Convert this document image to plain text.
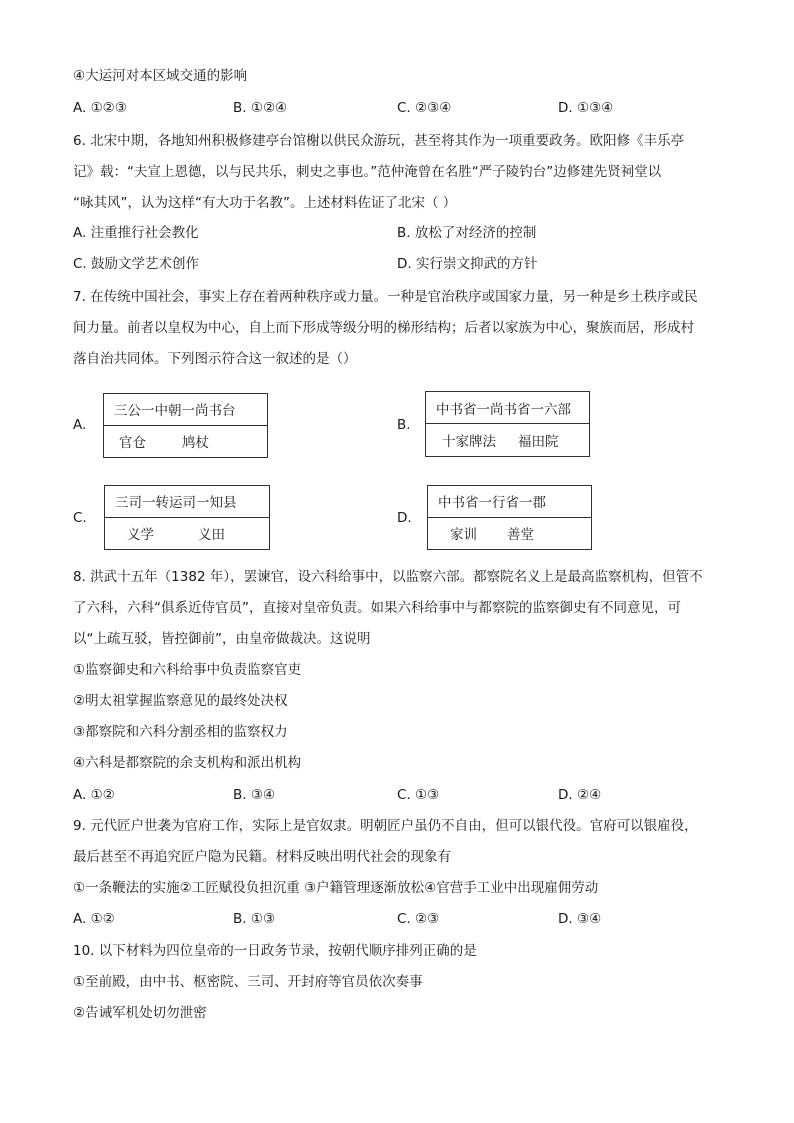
④大运河对本区域交通的影响
A. ①②③	B. ①②④	C. ②③④	D. ①③④
6. 北宋中期，各地知州积极修建亭台馆榭以供民众游玩，甚至将其作为一项重要政务。欧阳修《丰乐亭
记》载：“夫宣上恩德，以与民共乐，刺史之事也。”范仲淹曾在名胜“严子陵钓台”边修建先贤祠堂以
“咏其风”，认为这样“有大功于名教”。上述材料佐证了北宋（ ）
A. 注重推行社会教化	B. 放松了对经济的控制
C. 鼓励文学艺术创作	D. 实行崇文抑武的方针
7. 在传统中国社会，事实上存在着两种秩序或力量。一种是官治秩序或国家力量，另一种是乡土秩序或民
间力量。前者以皇权为中心，自上而下形成等级分明的梯形结构；后者以家族为中心，聚族而居，形成村
落自治共同体。下列图示符合这一叙述的是（）
A.
三公一中朝一尚书台
官仓	鸠杖
B.
中书省一尚书省一六部
十家牌法 福田院
C.
三司一转运司一知县
义学	义田
D.
中书省一行省一郡
家训 善堂
8. 洪武十五年（1382 年），罢谏官，设六科给事中，以监察六部。都察院名义上是最高监察机构，但管不
了六科，六科“俱系近侍官员”，直接对皇帝负责。如果六科给事中与都察院的监察御史有不同意见，可
以“上疏互驳，皆控御前”，由皇帝做裁决。这说明
①监察御史和六科给事中负责监察官吏
②明太祖掌握监察意见的最终处决权
③都察院和六科分割丞相的监察权力
④六科是都察院的余支机构和派出机构
A. ①②	B. ③④	C. ①③	D. ②④
9. 元代匠户世袭为官府工作，实际上是官奴隶。明朝匠户虽仍不自由，但可以银代役。官府可以银雇役，
最后甚至不再追究匠户隐为民籍。材料反映出明代社会的现象有
①一条鞭法的实施②工匠赋役负担沉重 ③户籍管理逐渐放松④官营手工业中出现雇佣劳动
A. ①②	B. ①③	C. ②③	D. ③④
10. 以下材料为四位皇帝的一日政务节录，按朝代顺序排列正确的是
①至前殿，由中书、枢密院、三司、开封府等官员依次奏事
②告诫军机处切勿泄密
